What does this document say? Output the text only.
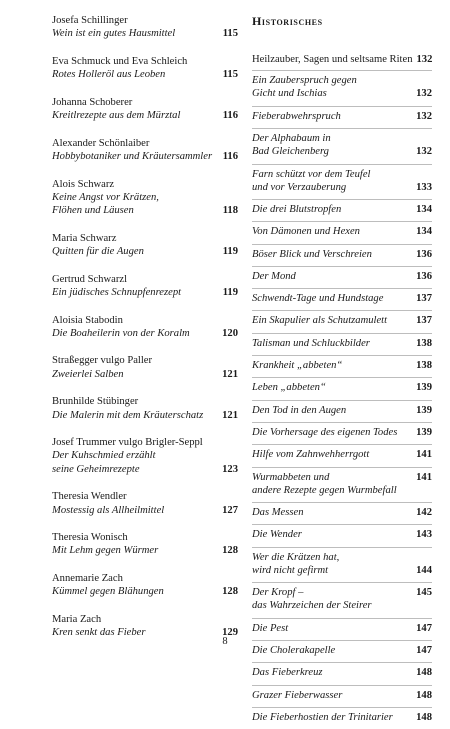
Josefa Schillinger
Wein ist ein gutes Hausmittel	115
Eva Schmuck und Eva Schleich
Rotes Holleröl aus Leoben	115
Johanna Schoberer
Kreitlrezepte aus dem Mürztal	116
Alexander Schönlaiber
Hobbybotaniker und Kräutersammler	116
Alois Schwarz
Keine Angst vor Krätzen,
Flöhen und Läusen	118
Maria Schwarz
Quitten für die Augen	119
Gertrud Schwarzl
Ein jüdisches Schnupfenrezept	119
Aloisia Stabodin
Die Boaheilerin von der Koralm	120
Straßegger vulgo Paller
Zweierlei Salben	121
Brunhilde Stübinger
Die Malerin mit dem Kräuterschatz	121
Josef Trummer vulgo Brigler-Seppl
Der Kuhschmied erzählt
seine Geheimrezepte	123
Theresia Wendler
Mostessig als Allheilmittel	127
Theresia Wonisch
Mit Lehm gegen Würmer	128
Annemarie Zach
Kümmel gegen Blähungen	128
Maria Zach
Kren senkt das Fieber	129
Historisches
Heilzauber, Sagen und seltsame Riten 132
Ein Zauberspruch gegen
Gicht und Ischias	132
Fieberabwehrspruch	132
Der Alphabaum in
Bad Gleichenberg	132
Farn schützt vor dem Teufel
und vor Verzauberung	133
Die drei Blutstropfen	134
Von Dämonen und Hexen	134
Böser Blick und Verschreien	136
Der Mond	136
Schwendt-Tage und Hundstage	137
Ein Skapulier als Schutzamulett	137
Talisman und Schluckbilder	138
Krankheit „abbeten“	138
Leben „abbeten“	139
Den Tod in den Augen	139
Die Vorhersage des eigenen Todes	139
Hilfe vom Zahnwehherrgott	141
Wurmabbeten und	141
andere Rezepte gegen Wurmbefall
Das Messen	142
Die Wender	143
Wer die Krätzen hat,
wird nicht gefirmt	144
Der Kropf –	145
das Wahrzeichen der Steirer
Die Pest	147
Die Cholerakapelle	147
Das Fieberkreuz	148
Grazer Fieberwasser	148
Die Fieberhostien der Trinitarier	148
8
